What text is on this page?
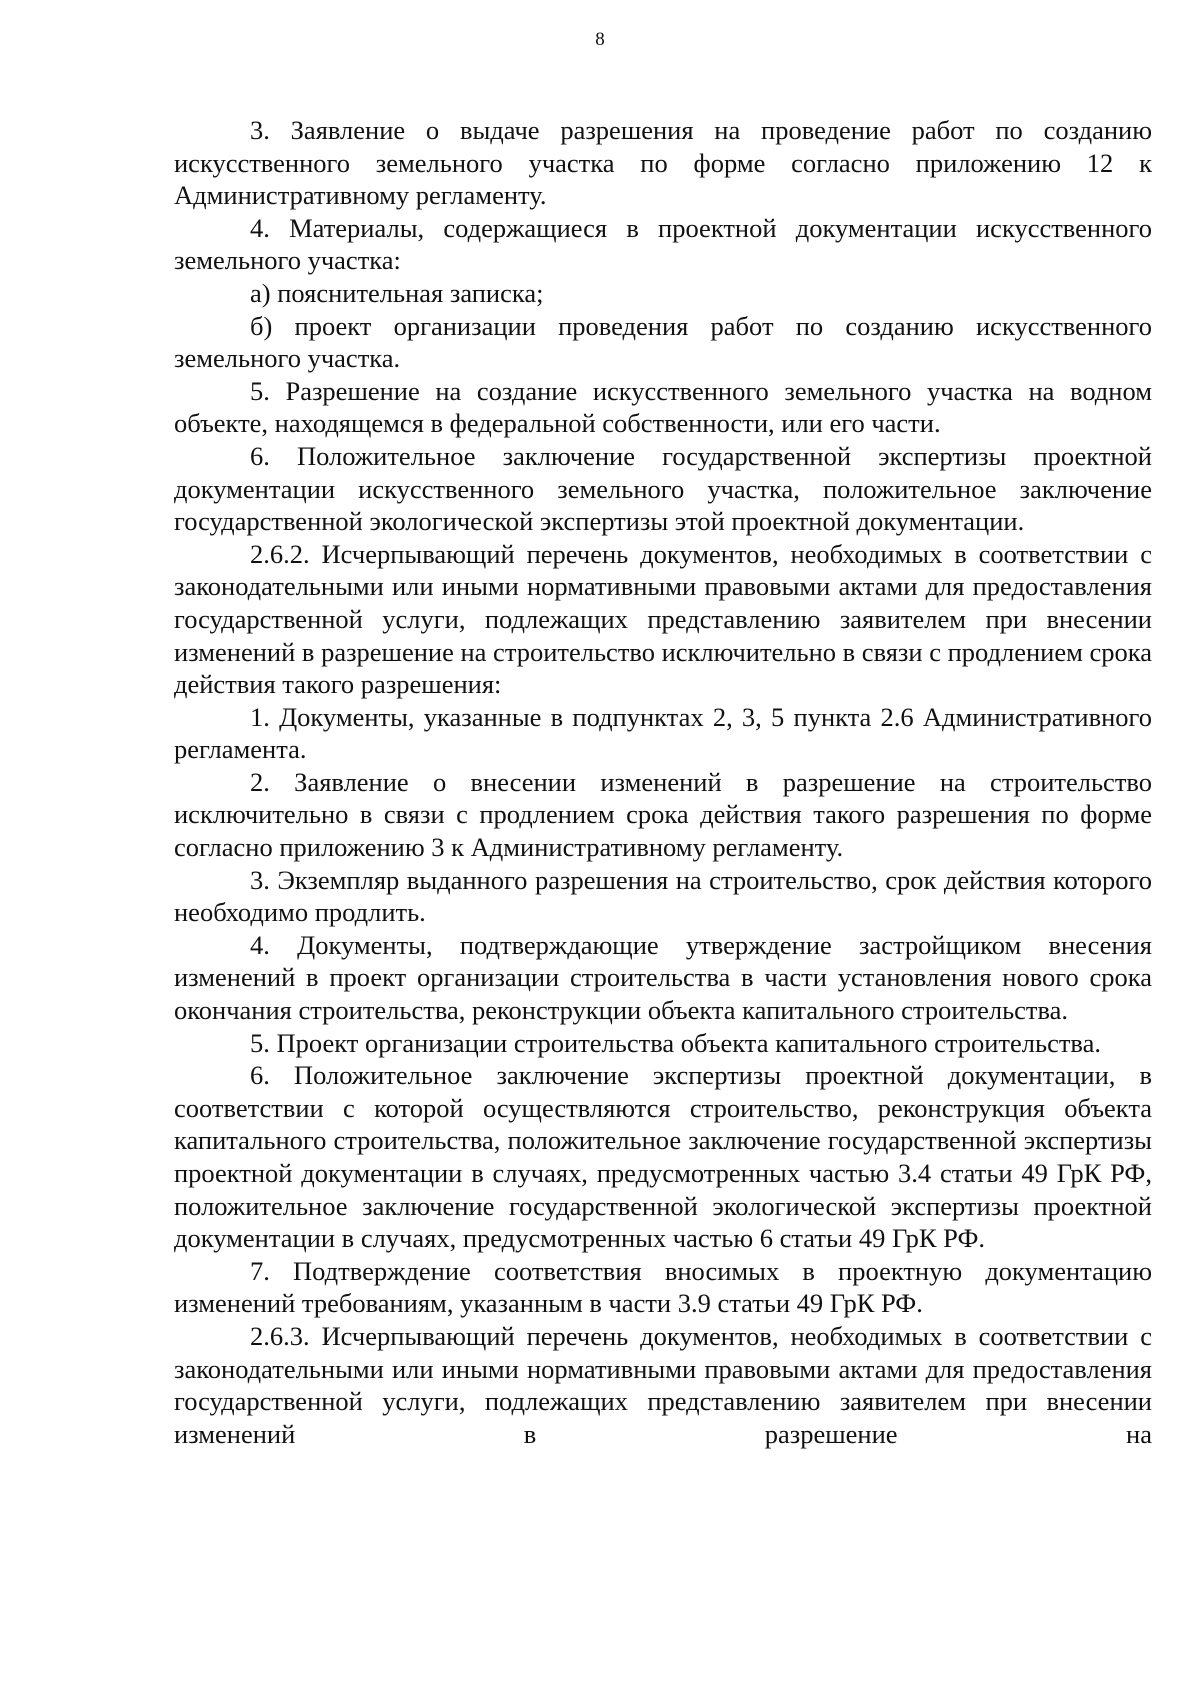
8

3. Заявление о выдаче разрешения на проведение работ по созданию искусственного земельного участка по форме согласно приложению 12 к Административному регламенту.

4. Материалы, содержащиеся в проектной документации искусственного земельного участка:

а) пояснительная записка;

б) проект организации проведения работ по созданию искусственного земельного участка.

5. Разрешение на создание искусственного земельного участка на водном объекте, находящемся в федеральной собственности, или его части.

6. Положительное заключение государственной экспертизы проектной документации искусственного земельного участка, положительное заключение государственной экологической экспертизы этой проектной документации.

2.6.2. Исчерпывающий перечень документов, необходимых в соответствии с законодательными или иными нормативными правовыми актами для предоставления государственной услуги, подлежащих представлению заявителем при внесении изменений в разрешение на строительство исключительно в связи с продлением срока действия такого разрешения:

1. Документы, указанные в подпунктах 2, 3, 5 пункта 2.6 Административного регламента.

2. Заявление о внесении изменений в разрешение на строительство исключительно в связи с продлением срока действия такого разрешения по форме согласно приложению 3 к Административному регламенту.

3. Экземпляр выданного разрешения на строительство, срок действия которого необходимо продлить.

4. Документы, подтверждающие утверждение застройщиком внесения изменений в проект организации строительства в части установления нового срока окончания строительства, реконструкции объекта капитального строительства.

5. Проект организации строительства объекта капитального строительства.

6. Положительное заключение экспертизы проектной документации, в соответствии с которой осуществляются строительство, реконструкция объекта капитального строительства, положительное заключение государственной экспертизы проектной документации в случаях, предусмотренных частью 3.4 статьи 49 ГрК РФ, положительное заключение государственной экологической экспертизы проектной документации в случаях, предусмотренных частью 6 статьи 49 ГрК РФ.

7. Подтверждение соответствия вносимых в проектную документацию изменений требованиям, указанным в части 3.9 статьи 49 ГрК РФ.

2.6.3. Исчерпывающий перечень документов, необходимых в соответствии с законодательными или иными нормативными правовыми актами для предоставления государственной услуги, подлежащих представлению заявителем при внесении изменений в разрешение на
